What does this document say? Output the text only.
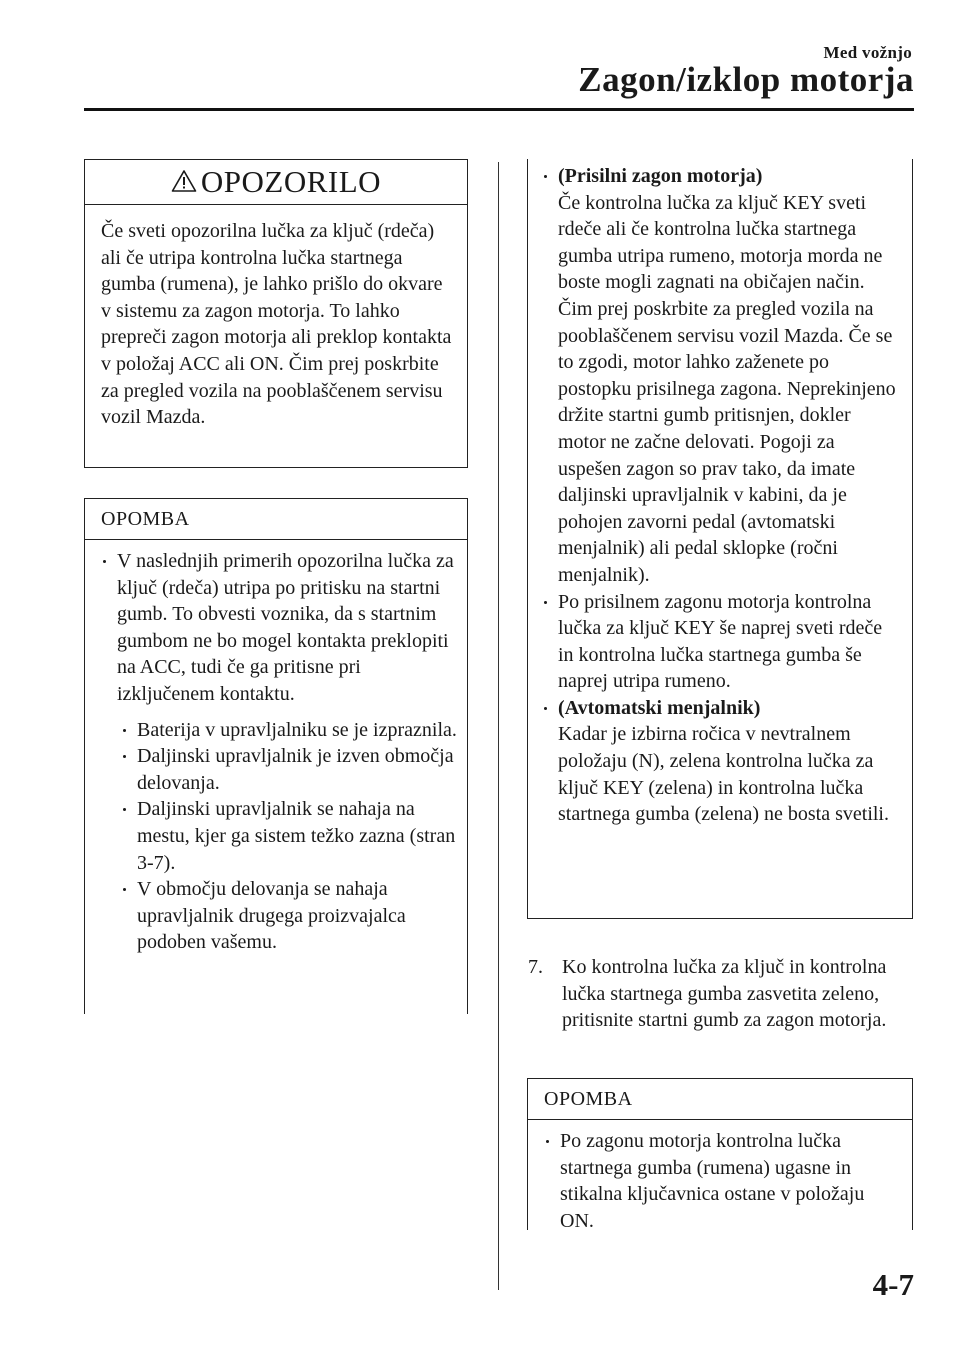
Med vožnjo
Zagon/izklop motorja
OPOZORILO
Če sveti opozorilna lučka za ključ (rdeča) ali če utripa kontrolna lučka startnega gumba (rumena), je lahko prišlo do okvare v sistemu za zagon motorja. To lahko prepreči zagon motorja ali preklop kontakta v položaj ACC ali ON. Čim prej poskrbite za pregled vozila na pooblaščenem servisu vozil Mazda.
OPOMBA
V naslednjih primerih opozorilna lučka za ključ (rdeča) utripa po pritisku na startni gumb. To obvesti voznika, da s startnim gumbom ne bo mogel kontakta preklopiti na ACC, tudi če ga pritisne pri izključenem kontaktu.
Baterija v upravljalniku se je izpraznila.
Daljinski upravljalnik je izven območja delovanja.
Daljinski upravljalnik se nahaja na mestu, kjer ga sistem težko zazna (stran 3-7).
V območju delovanja se nahaja upravljalnik drugega proizvajalca podoben vašemu.
(Prisilni zagon motorja)
Če kontrolna lučka za ključ KEY sveti rdeče ali če kontrolna lučka startnega gumba utripa rumeno, motorja morda ne boste mogli zagnati na običajen način. Čim prej poskrbite za pregled vozila na pooblaščenem servisu vozil Mazda. Če se to zgodi, motor lahko zaženete po postopku prisilnega zagona. Neprekinjeno držite startni gumb pritisnjen, dokler motor ne začne delovati. Pogoji za uspešen zagon so prav tako, da imate daljinski upravljalnik v kabini, da je pohojen zavorni pedal (avtomatski menjalnik) ali pedal sklopke (ročni menjalnik).
Po prisilnem zagonu motorja kontrolna lučka za ključ KEY še naprej sveti rdeče in kontrolna lučka startnega gumba še naprej utripa rumeno.
(Avtomatski menjalnik)
Kadar je izbirna ročica v nevtralnem položaju (N), zelena kontrolna lučka za ključ KEY (zelena) in kontrolna lučka startnega gumba (zelena) ne bosta svetili.
7. Ko kontrolna lučka za ključ in kontrolna lučka startnega gumba zasvetita zeleno, pritisnite startni gumb za zagon motorja.
OPOMBA
Po zagonu motorja kontrolna lučka startnega gumba (rumena) ugasne in stikalna ključavnica ostane v položaju ON.
4-7
